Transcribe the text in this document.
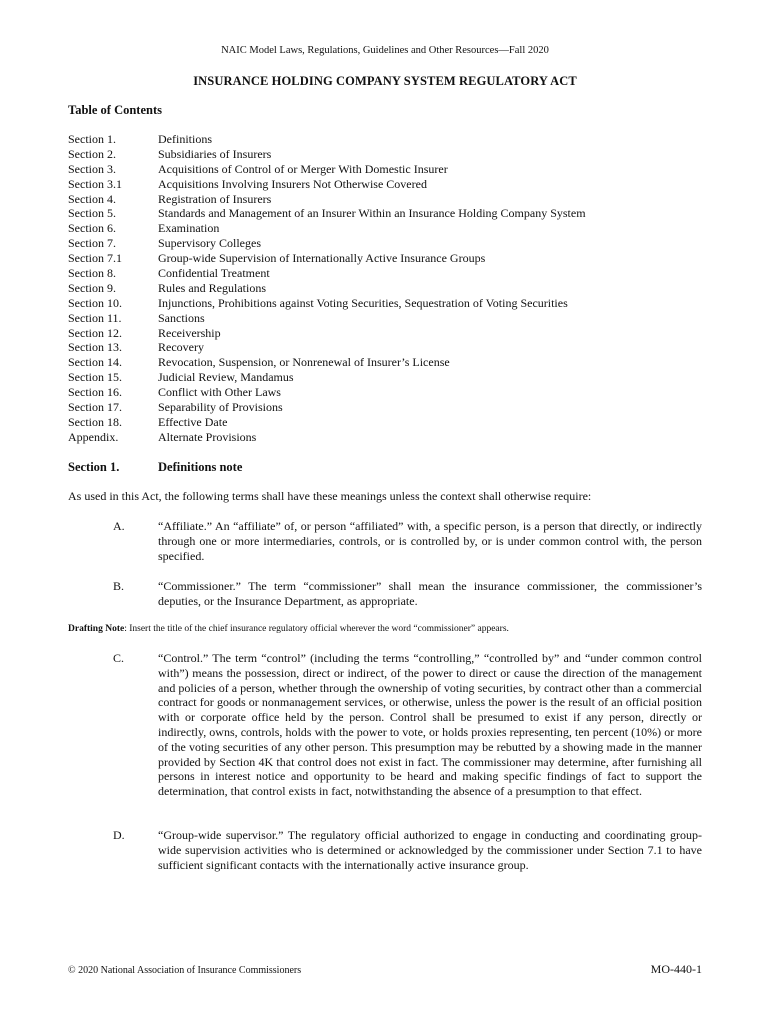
NAIC Model Laws, Regulations, Guidelines and Other Resources—Fall 2020
INSURANCE HOLDING COMPANY SYSTEM REGULATORY ACT
Table of Contents
Section 1.	Definitions
Section 2.	Subsidiaries of Insurers
Section 3.	Acquisitions of Control of or Merger With Domestic Insurer
Section 3.1	Acquisitions Involving Insurers Not Otherwise Covered
Section 4.	Registration of Insurers
Section 5.	Standards and Management of an Insurer Within an Insurance Holding Company System
Section 6.	Examination
Section 7.	Supervisory Colleges
Section 7.1	Group-wide Supervision of Internationally Active Insurance Groups
Section 8.	Confidential Treatment
Section 9.	Rules and Regulations
Section 10.	Injunctions, Prohibitions against Voting Securities, Sequestration of Voting Securities
Section 11.	Sanctions
Section 12.	Receivership
Section 13.	Recovery
Section 14.	Revocation, Suspension, or Nonrenewal of Insurer’s License
Section 15.	Judicial Review, Mandamus
Section 16.	Conflict with Other Laws
Section 17.	Separability of Provisions
Section 18.	Effective Date
Appendix.	Alternate Provisions
Section 1.	Definitions note
As used in this Act, the following terms shall have these meanings unless the context shall otherwise require:
A.	“Affiliate.” An “affiliate” of, or person “affiliated” with, a specific person, is a person that directly, or indirectly through one or more intermediaries, controls, or is controlled by, or is under common control with, the person specified.
B.	“Commissioner.” The term “commissioner” shall mean the insurance commissioner, the commissioner’s deputies, or the Insurance Department, as appropriate.
Drafting Note: Insert the title of the chief insurance regulatory official wherever the word “commissioner” appears.
C.	“Control.” The term “control” (including the terms “controlling,” “controlled by” and “under common control with”) means the possession, direct or indirect, of the power to direct or cause the direction of the management and policies of a person, whether through the ownership of voting securities, by contract other than a commercial contract for goods or nonmanagement services, or otherwise, unless the power is the result of an official position with or corporate office held by the person. Control shall be presumed to exist if any person, directly or indirectly, owns, controls, holds with the power to vote, or holds proxies representing, ten percent (10%) or more of the voting securities of any other person. This presumption may be rebutted by a showing made in the manner provided by Section 4K that control does not exist in fact. The commissioner may determine, after furnishing all persons in interest notice and opportunity to be heard and making specific findings of fact to support the determination, that control exists in fact, notwithstanding the absence of a presumption to that effect.
D.	“Group-wide supervisor.” The regulatory official authorized to engage in conducting and coordinating group-wide supervision activities who is determined or acknowledged by the commissioner under Section 7.1 to have sufficient significant contacts with the internationally active insurance group.
© 2020 National Association of Insurance Commissioners	MO-440-1
